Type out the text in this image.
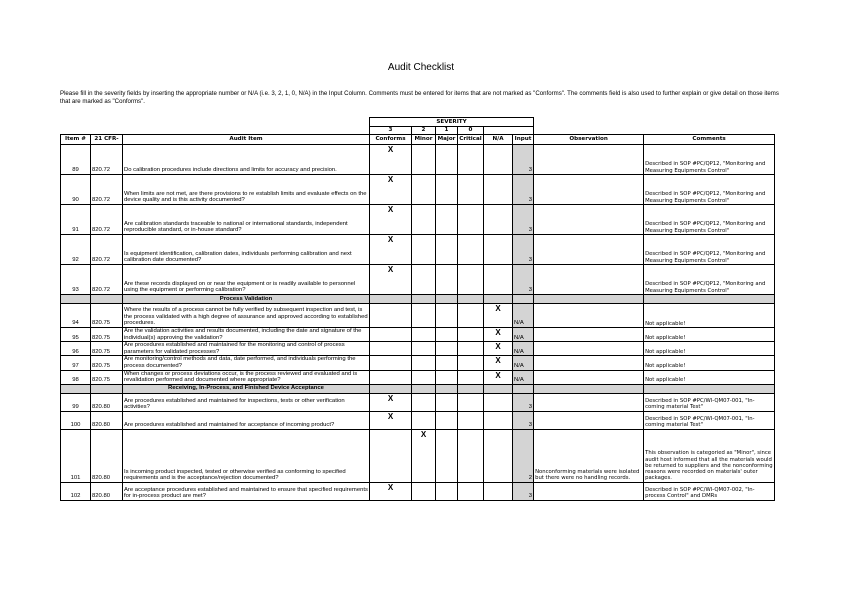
Audit Checklist
Please fill in the severity fields by inserting the appropriate number or N/A (i.e. 3, 2, 1, 0, N/A) in the Input Column. Comments must be entered for items that are not marked as "Conforms". The comments field is also used to further explain or give detail on those items that are marked as "Conforms".
			SEVERITY							
			3	2	1	0				
Item #	21 CFR-	Audit Item	Conforms	Minor	Major	Critical	N/A	Input	Observation	Comments
89	820.72	Do calibration procedures include directions and limits for accuracy and precision.	X					3		Described in SOP #PC/QP12, "Monitoring and Measuring Equipments Control"
90	820.72	When limits are not met, are there provisions to re establish limits and evaluate effects on the device quality and is this activity documented?	X					3		Described in SOP #PC/QP12, "Monitoring and Measuring Equipments Control"
91	820.72	Are calibration standards traceable to national or international standards, independent reproducible standard, or in-house standard?	X					3		Described in SOP #PC/QP12, "Monitoring and Measuring Equipments Control"
92	820.72	Is equipment identification, calibration dates, individuals performing calibration and next calibration date documented?	X					3		Described in SOP #PC/QP12, "Monitoring and Measuring Equipments Control"
93	820.72	Are these records displayed on or near the equipment or is readily available to personnel using the equipment or performing calibration?	X					3		Described in SOP #PC/QP12, "Monitoring and Measuring Equipments Control"
		Process Validation								
94	820.75	Where the results of a process cannot be fully verified by subsequent inspection and test, is the process validated with a high degree of assurance and approved according to established procedures.					X	N/A		Not applicable!
95	820.75	Are the validation activities and results documented, including the date and signature of the individual(s) approving the validation?					X	N/A		Not applicable!
96	820.75	Are procedures established and maintained for the monitoring and control of process parameters for validated processes?					X	N/A		Not applicable!
97	820.75	Are monitoring/control methods and data, date performed, and individuals performing the process documented?					X	N/A		Not applicable!
98	820.75	When changes or process deviations occur, is the process reviewed and evaluated and is revalidation performed and documented where appropriate?					X	N/A		Not applicable!
		Receiving, In-Process, and Finished Device Acceptance								
99	820.80	Are procedures established and maintained for inspections, tests or other verification activities?	X					3		Described in SOP #PC/WI-QM07-001, "In-coming material Test"
100	820.80	Are procedures established and maintained for acceptance of incoming product?	X					3		Described in SOP #PC/WI-QM07-001, "In-coming material Test"
101	820.80	Is incoming product inspected, tested or otherwise verified as conforming to specified requirements and is the acceptance/rejection documented?		X				2	Nonconforming materials were isolated but there were no handling records.	This observation is categoried as "Minor", since audit host informed that all the materials would be returned to suppliers and the nonconforming reasons were recorded on materials' outer packages.
102	820.80	Are acceptance procedures established and maintained to ensure that specified requirements for in-process product are met?	X					3		Described in SOP #PC/WI-QM07-002, "In-process Control" and DMRs
